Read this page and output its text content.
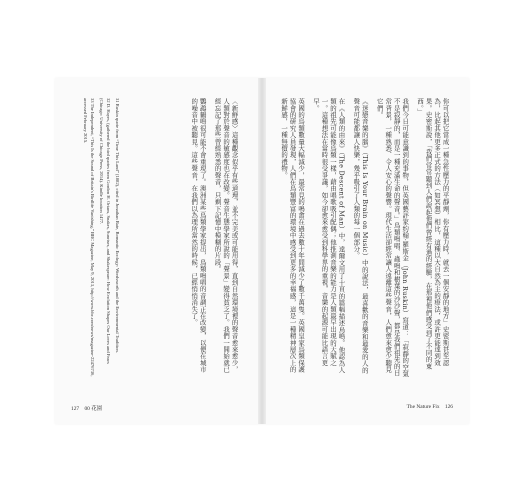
〈新鮮感〉這種觀念似乎有些道理，並不完美或可能用得，直到自然環境裡的聲音愈來愈少，人類對於聲音的敏感度也在改變。聲音生態學家所說的「聲景」變得貧乏了。我們一開始就已經忘記了那些曾經熟悉的聲音，只剩下記憶中模糊的片段。

鸚鵡鶴鳴很可能不會重現了。澳洲某些鳥類學家提出，鳥類鳴唱的音調正在改變，以便在城市的噪音中被聽見。這些聲音，在我們以為理所當然的時候，已經悄悄消失了。

31 Ruskin quote from “Time This Land” (1882), cited in Jonathan Bate, Romantic Ecology: Wordsworth and the Environmental Tradition.

32 D. Hayes, (gathered the bird quotes from Gordon H. Orians, Snakes, Sunrises, and Shakespeare: How Evolution Shapes Our Loves and Fears (Chicago: University of Chicago Press, 2014). Kindle location 1477.

33 The Independent, “This Is the Sound of Britain's Birdlife Vanishing,” BBC Magazine, May 9, 2013, http://www.bbc.com/news/magazine-22476736, accessed February 2015.

127 00 花園

你可以把它當成一種急性壓力的平靜劑，你有壓力時，就去一個安靜的地方」史密斯甚至認為，比起其他更多正式的方法（如冥想）相比，這種以大自然為主的療法，或許更能達到效果。史密斯說，「我們常常聽到人們說起他們曾經有過的經驗，在那裡他們感受到了不同的東西。」

我們今日可能意識到的事物，但英國藝評家約翰‧羅斯金（John Ruskin）寫道：「寂靜的空氣不是寂靜的，而是一種充滿生命的聲音。」鳥類鳴唱、蟲鳴和樹葉的沙沙聲，都是我們祖先的日常背景，一種熟悉、令人安心的聲響。現代生活卻經常讓人遠離這些聲音，人們愈來愈少聽見它們。

《迷戀音樂的腦》（This Is Your Brain on Music）中的說法，最喜歡的音樂和最愛的人的聲音可能都讓人快樂，幾乎吸引了人類的每一個部分。

在《人類的由來》（The Descent of Man）中，達爾文用了十頁的篇幅描述鳥鳴。他認為人類的祖先可能像鳥類一樣，藉由唱歌吸引配偶；他推測音樂的能力是人類最早出現的天賦之一。這種想法在當時很受爭議，如今卻愈來愈受到科學界的重視，音樂的起源可能比語言更早。

英國的鳥類數量大幅減少，最常見的鳴禽在過去數十年間減少了數千萬隻。英國皇家鳥類保護協會的研究人員發現，人們在鳥類豐富的環境中感受到更多的幸福感，這是一種精神層次上的新鮮感，一種無價的禮物。

The Nature Fix 126
